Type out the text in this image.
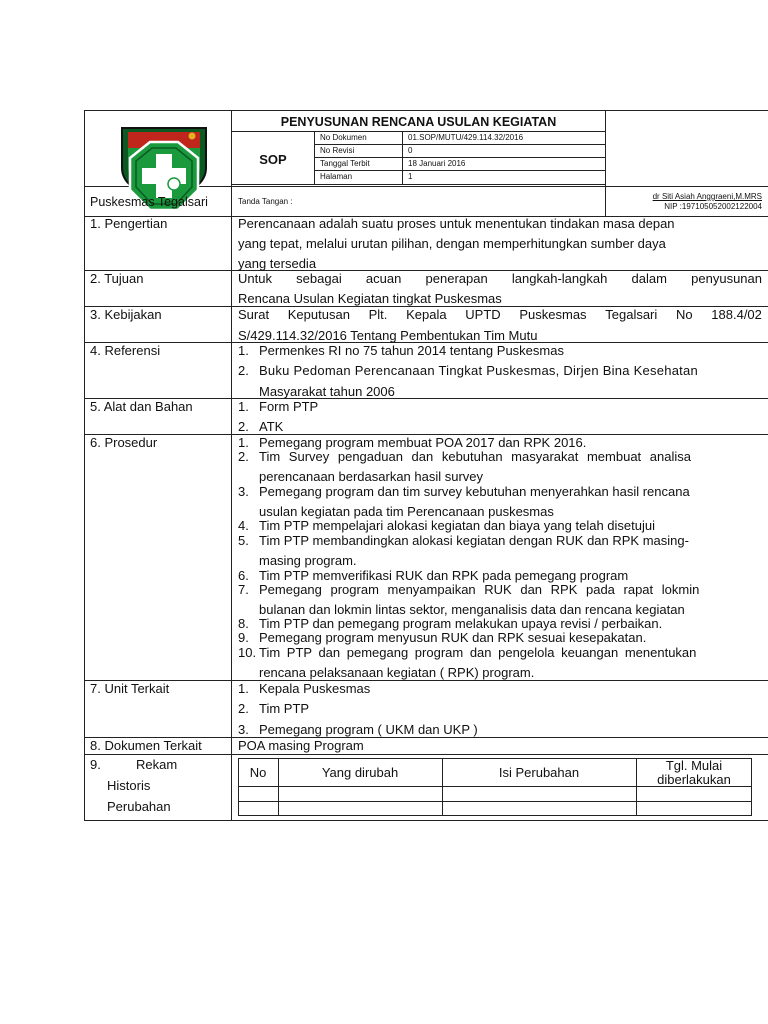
PENYUSUNAN RENCANA USULAN KEGIATAN
SOP
No Dokumen	01.SOP/MUTU/429.114.32/2016
No Revisi	0
Tanggal Terbit	18 Januari 2016
Halaman	1
Puskesmas Tegalsari	Tanda Tangan :
dr Siti Asiah Anggraeni,M.MRS
NIP :197105052002122004
1. Pengertian	Perencanaan adalah suatu proses untuk menentukan tindakan masa depan
yang tepat, melalui urutan pilihan, dengan memperhitungkan sumber daya
yang tersedia
2. Tujuan	Untuk sebagai acuan penerapan langkah-langkah dalam penyusunan
Rencana Usulan Kegiatan tingkat Puskesmas
3. Kebijakan	Surat Keputusan Plt. Kepala UPTD Puskesmas Tegalsari No 188.4/02
S/429.114.32/2016 Tentang Pembentukan Tim Mutu
4. Referensi	1. Permenkes RI no 75 tahun 2014 tentang Puskesmas
2. Buku Pedoman Perencanaan Tingkat Puskesmas, Dirjen Bina Kesehatan
Masyarakat tahun 2006
5. Alat dan Bahan	1. Form PTP
2. ATK
6. Prosedur	1. Pemegang program membuat POA 2017 dan RPK 2016.
2. Tim Survey pengaduan dan kebutuhan masyarakat membuat analisa
perencanaan berdasarkan hasil survey
3. Pemegang program dan tim survey kebutuhan menyerahkan hasil rencana
usulan kegiatan pada tim Perencanaan puskesmas
4. Tim PTP mempelajari alokasi kegiatan dan biaya yang telah disetujui
5. Tim PTP membandingkan alokasi kegiatan dengan RUK dan RPK masing-
masing program.
6. Tim PTP memverifikasi RUK dan RPK pada pemegang program
7. Pemegang program menyampaikan RUK dan RPK pada rapat lokmin
bulanan dan lokmin lintas sektor, menganalisis data dan rencana kegiatan
8. Tim PTP dan pemegang program melakukan upaya revisi / perbaikan.
9. Pemegang program menyusun RUK dan RPK sesuai kesepakatan.
10. Tim PTP dan pemegang program dan pengelola keuangan menentukan
rencana pelaksanaan kegiatan ( RPK) program.
7. Unit Terkait	1. Kepala Puskesmas
2. Tim PTP
3. Pemegang program ( UKM dan UKP )
8. Dokumen Terkait	POA masing Program
9.	Rekam
Historis
Perubahan
No	Yang dirubah	Isi Perubahan	Tgl. Mulai
diberlakukan
